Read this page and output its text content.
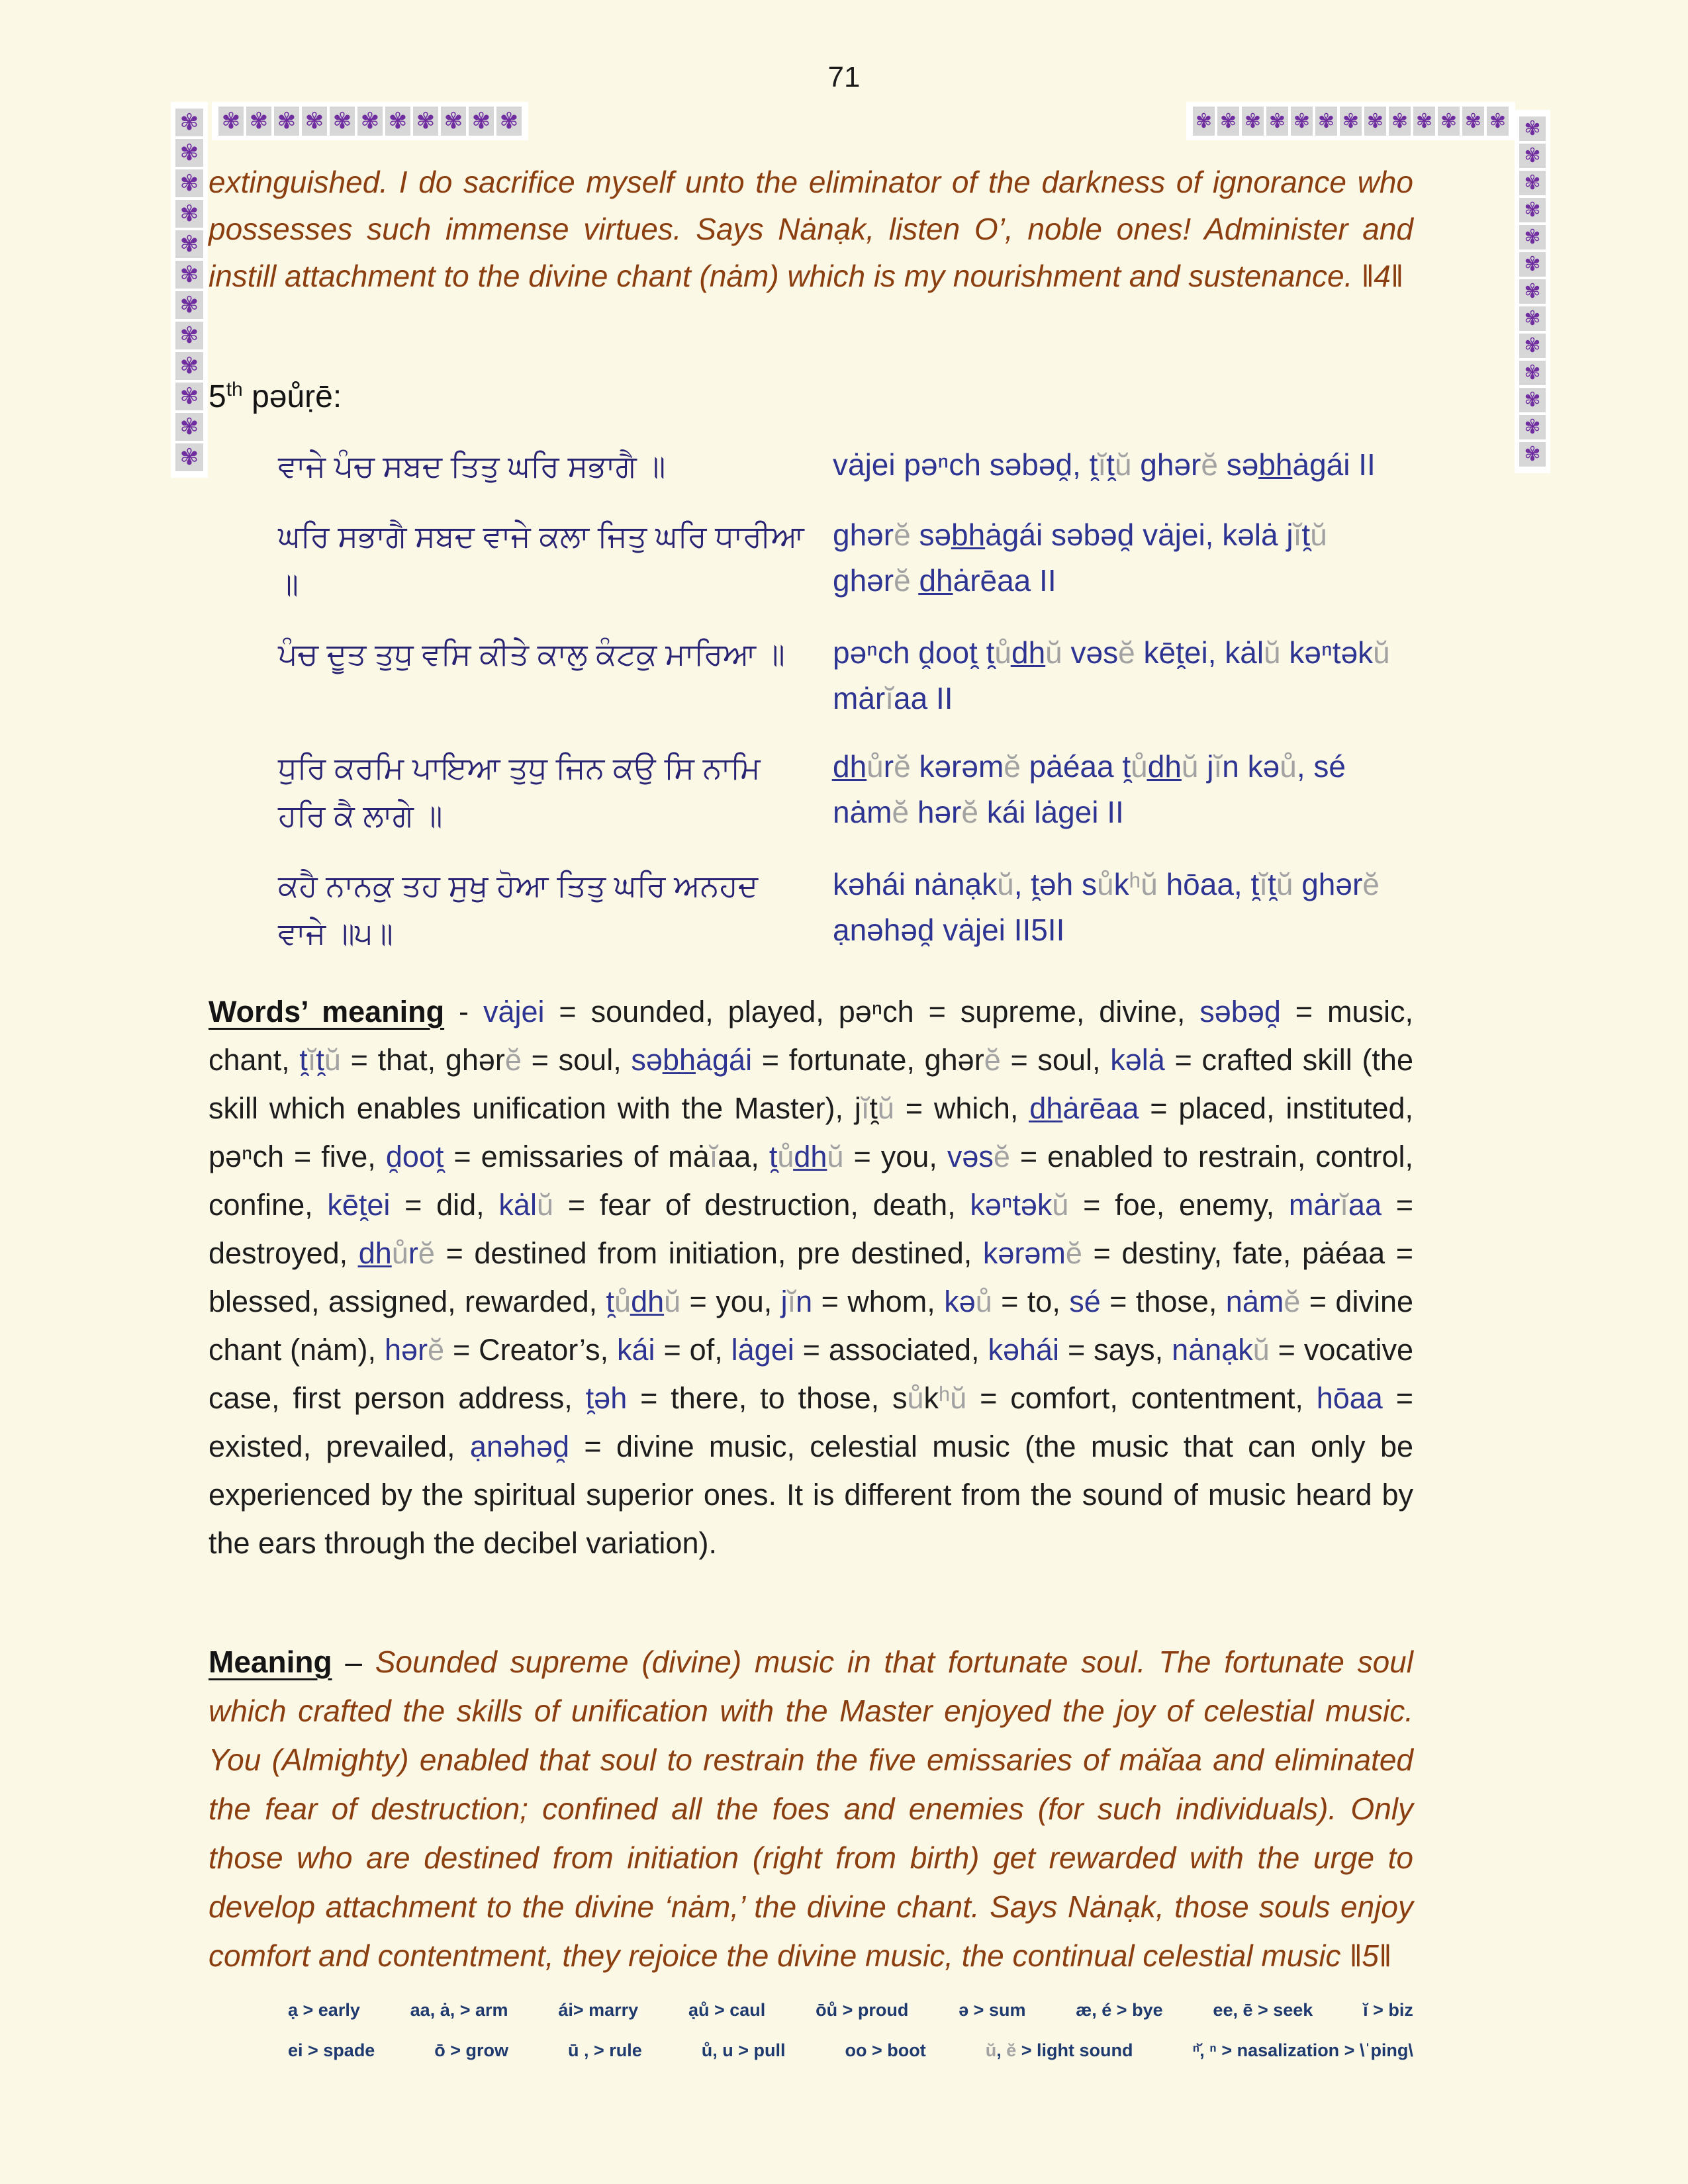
71
✾ ✾ ✾ ✾ ✾ ✾ ✾ ✾ ✾ ✾ ✾
✾
✾
✾
✾
✾
✾
✾
✾
✾
✾
✾
✾
✾ ✾ ✾ ✾ ✾ ✾ ✾ ✾ ✾ ✾ ✾ ✾ ✾ ✾
✾
✾
✾
✾
✾
✾
✾
✾
✾
✾
✾
✾

extinguished. I do sacrifice myself unto the eliminator of the darkness of ignorance who possesses such immense virtues. Says Nȧnạk, listen O’, noble ones! Administer and instill attachment to the divine chant (nȧm) which is my nourishment and sustenance. ‖4‖

5th pəůṛē:
ਵਾਜੇ ਪੰਚ ਸਬਦ ਤਿਤੁ ਘਰਿ ਸਭਾਗੈ ॥	vȧjei pəⁿch səbəd̯, t̯ĭt̯ŭ ghərĕ səb̲h̲ȧgái II
ਘਰਿ ਸਭਾਗੈ ਸਬਦ ਵਾਜੇ ਕਲਾ ਜਿਤੁ ਘਰਿ ਧਾਰੀਆ ॥
ghərĕ səb̲h̲ȧgái səbəd̯ vȧjei, kəlȧ jĭt̯ŭ ghərĕ d̲h̲ȧrēaa II
ਪੰਚ ਦੂਤ ਤੁਧੁ ਵਸਿ ਕੀਤੇ ਕਾਲੁ ਕੰਟਕੁ ਮਾਰਿਆ ॥	pəⁿch d̯oot̯ t̯ůd̲h̲ŭ vəsĕ kēt̯ei, kȧlŭ kəⁿtəkŭ mȧrĭaa II
ਧੁਰਿ ਕਰਮਿ ਪਾਇਆ ਤੁਧੁ ਜਿਨ ਕਉ ਸਿ ਨਾਮਿ ਹਰਿ ਕੈ ਲਾਗੇ ॥
d̲h̲ůrĕ kərəmĕ pȧéaa t̯ůd̲h̲ŭ jĭn kəů, sé nȧmĕ hərĕ kái lȧgei II
ਕਹੈ ਨਾਨਕੁ ਤਹ ਸੁਖੁ ਹੋਆ ਤਿਤੁ ਘਰਿ ਅਨਹਦ ਵਾਜੇ ॥੫॥
kəhái nȧnạkŭ, t̯əh sůkʰŭ hōaa, t̯ĭt̯ŭ ghərĕ ạnəhəd̯ vȧjei II5II

Words’ meaning - vȧjei = sounded, played, pəⁿch = supreme, divine, səbəd̯ = music, chant, t̯ĭt̯ŭ = that, ghərĕ = soul, səb̲h̲ȧgái = fortunate, ghərĕ = soul, kəlȧ = crafted skill (the skill which enables unification with the Master), jĭt̯ŭ = which, d̲h̲ȧrēaa = placed, instituted, pəⁿch = five, d̯oot̯ = emissaries of mȧĭaa, t̯ůd̲h̲ŭ = you, vəsĕ = enabled to restrain, control, confine, kēt̯ei = did, kȧlŭ = fear of destruction, death, kəⁿtəkŭ = foe, enemy, mȧrĭaa = destroyed, d̲h̲ůrĕ = destined from initiation, pre destined, kərəmĕ = destiny, fate, pȧéaa = blessed, assigned, rewarded, t̯ůd̲h̲ŭ = you, jĭn = whom, kəů = to, sé = those, nȧmĕ = divine chant (nȧm), hərĕ = Creator’s, kái = of, lȧgei = associated, kəhái = says, nȧnạkŭ = vocative case, first person address, t̯əh = there, to those, sůkʰŭ = comfort, contentment, hōaa = existed, prevailed, ạnəhəd̯ = divine music, celestial music (the music that can only be experienced by the spiritual superior ones. It is different from the sound of music heard by the ears through the decibel variation).

Meaning – Sounded supreme (divine) music in that fortunate soul. The fortunate soul which crafted the skills of unification with the Master enjoyed the joy of celestial music. You (Almighty) enabled that soul to restrain the five emissaries of mȧĭaa and eliminated the fear of destruction; confined all the foes and enemies (for such individuals). Only those who are destined from initiation (right from birth) get rewarded with the urge to develop attachment to the divine ‘nȧm,’ the divine chant. Says Nȧnạk, those souls enjoy comfort and contentment, they rejoice the divine music, the continual celestial music ‖5‖

ạ > early	aa, ȧ, > arm	ái> marry	ạů > caul	ōů > proud	ə > sum	æ, é > bye	ee, ē > seek	ĭ > biz
ei > spade	ō > grow	ū , > rule	ů, u > pull	oo > boot	ŭ, ĕ > light sound	ⁿ̆, ⁿ > nasalization > \ˈping\
